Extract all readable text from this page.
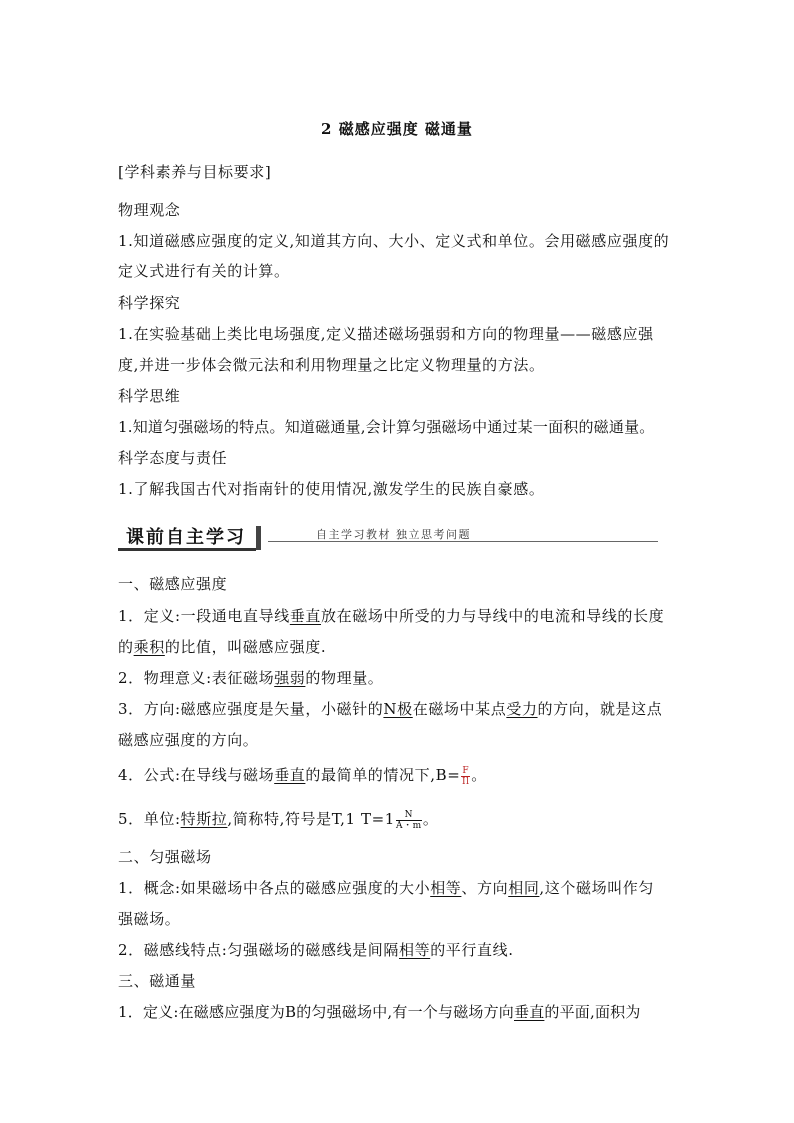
2 磁感应强度 磁通量
[学科素养与目标要求]
物理观念
1.知道磁感应强度的定义,知道其方向、大小、定义式和单位。会用磁感应强度的
定义式进行有关的计算。
科学探究
1.在实验基础上类比电场强度,定义描述磁场强弱和方向的物理量——磁感应强
度,并进一步体会微元法和利用物理量之比定义物理量的方法。
科学思维
1.知道匀强磁场的特点。知道磁通量,会计算匀强磁场中通过某一面积的磁通量。
科学态度与责任
1.了解我国古代对指南针的使用情况,激发学生的民族自豪感。
课前自主学习	自主学习教材 独立思考问题
一、磁感应强度
1．定义:一段通电直导线垂直放在磁场中所受的力与导线中的电流和导线的长度
的乘积的比值，叫磁感应强度.
2．物理意义:表征磁场强弱的物理量。
3．方向:磁感应强度是矢量，小磁针的N极在磁场中某点受力的方向，就是这点
磁感应强度的方向。
4．公式:在导线与磁场垂直的最简单的情况下$,B= \frac{F}{Il}$ 。
5．单位:特斯拉,简称特,符号是T,1 $T=1 \frac{N}{A・m}$ 。
二、匀强磁场
1．概念:如果磁场中各点的磁感应强度的大小相等、方向相同,这个磁场叫作匀
强磁场。
2．磁感线特点:匀强磁场的磁感线是间隔相等的平行直线.
三、磁通量
1．定义:在磁感应强度为B的匀强磁场中,有一个与磁场方向垂直的平面,面积为
